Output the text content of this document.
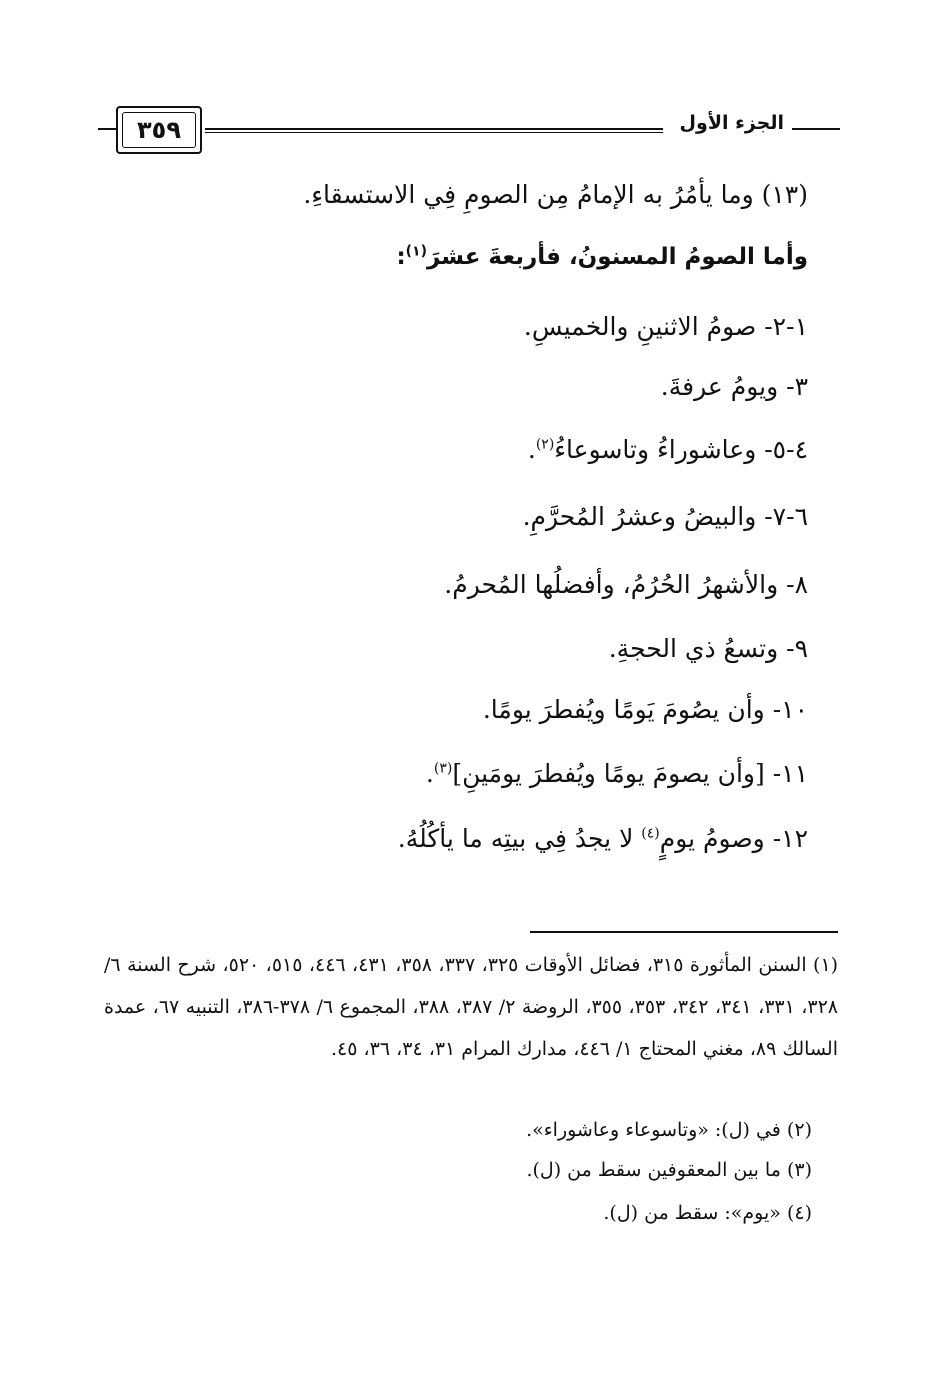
٣٥٩	الجزء الأول
(١٣) وما يأمُرُ به الإمامُ مِن الصومِ فِي الاستسقاءِ.
وأما الصومُ المسنونُ، فأربعةَ عشرَ$^{(١)}$:
١-٢- صومُ الاثنينِ والخميسِ.
٣- ويومُ عرفةَ.
٤-٥- وعاشوراءُ وتاسوعاءُ$^{(٢)}$.
٦-٧- والبيضُ وعشرُ المُحرَّمِ.
٨- والأشهرُ الحُرُمُ، وأفضلُها المُحرمُ.
٩- وتسعُ ذي الحجةِ.
١٠- وأن يصُومَ يَومًا ويُفطرَ يومًا.
١١- [وأن يصومَ يومًا ويُفطرَ يومَينِ]$^{(٣)}$.
١٢- وصومُ يومٍ$^{(٤)}$ لا يجدُ فِي بيتِه ما يأكُلُهُ.
(١) السنن المأثورة ٣١٥، فضائل الأوقات ٣٢٥، ٣٣٧، ٣٥٨، ٤٣١، ٤٤٦، ٥١٥، ٥٢٠، شرح السنة ٦/ ٣٢٨، ٣٣١، ٣٤١، ٣٤٢، ٣٥٣، ٣٥٥، الروضة ٢/ ٣٨٧، ٣٨٨، المجموع ٦/ ٣٧٨-٣٨٦، التنبيه ٦٧، عمدة السالك ٨٩، مغني المحتاج ١/ ٤٤٦، مدارك المرام ٣١، ٣٤، ٣٦، ٤٥.
(٢) في (ل): «وتاسوعاء وعاشوراء».
(٣) ما بين المعقوفين سقط من (ل).
(٤) «يوم»: سقط من (ل).
